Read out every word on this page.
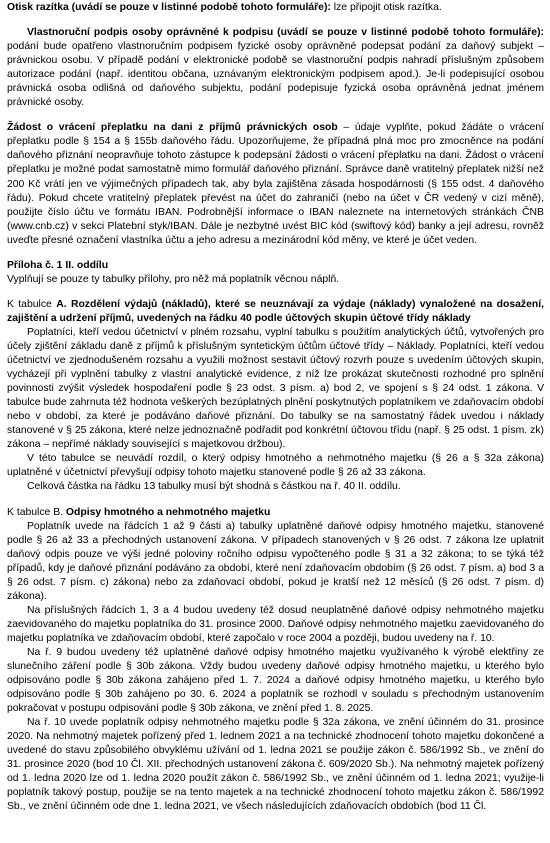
Otisk razítka (uvádí se pouze v listinné podobě tohoto formuláře): lze připojit otisk razítka.

Vlastnoruční podpis osoby oprávněné k podpisu (uvádí se pouze v listinné podobě tohoto formuláře): podání bude opatřeno vlastnoručním podpisem fyzické osoby oprávněné podepsat podání za daňový subjekt – právnickou osobu. V případě podání v elektronické podobě se vlastnoruční podpis nahradí příslušným způsobem autorizace podání (např. identitou občana, uznávaným elektronickým podpisem apod.). Je-li podepisující osobou právnická osoba odlišná od daňového subjektu, podání podepisuje fyzická osoba oprávněná jednat jménem právnické osoby.

Žádost o vrácení přeplatku na dani z příjmů právnických osob – údaje vyplňte, pokud žádáte o vrácení přeplatku podle § 154 a § 155b daňového řádu. Upozorňujeme, že případná plná moc pro zmocněnce na podání daňového přiznání neopravňuje tohoto zástupce k podepsání žádosti o vrácení přeplatku na dani. Žádost o vrácení přeplatku je možné podat samostatně mimo formulář daňového přiznání. Správce daně vratitelný přeplatek nižší než 200 Kč vrátí jen ve výjimečných případech tak, aby byla zajištěna zásada hospodárnosti (§ 155 odst. 4 daňového řádu). Pokud chcete vratitelný přeplatek převést na účet do zahraničí (nebo na účet v ČR vedený v cizí měně), použijte číslo účtu ve formátu IBAN. Podrobnější informace o IBAN naleznete na internetových stránkách ČNB (www.cnb.cz) v sekci Platební styk/IBAN. Dále je nezbytné uvést BIC kód (swiftový kód) banky a její adresu, rovněž uveďte přesné označení vlastníka účtu a jeho adresu a mezinárodní kód měny, ve které je účet veden.

Příloha č. 1 II. oddílu

Vyplňují se pouze ty tabulky přílohy, pro něž má poplatník věcnou náplň.

K tabulce A. Rozdělení výdajů (nákladů), které se neuznávají za výdaje (náklady) vynaložené na dosažení, zajištění a udržení příjmů, uvedených na řádku 40 podle účtových skupin účtové třídy náklady

Poplatníci, kteří vedou účetnictví v plném rozsahu, vyplní tabulku s použitím analytických účtů, vytvořených pro účely zjištění základu daně z příjmů k příslušným syntetickým účtům účtové třídy – Náklady. Poplatníci, kteří vedou účetnictví ve zjednodušeném rozsahu a využili možnost sestavit účtový rozvrh pouze s uvedením účtových skupin, vycházejí při vyplnění tabulky z vlastní analytické evidence, z níž lze prokázat skutečnosti rozhodné pro splnění povinnosti zvýšit výsledek hospodaření podle § 23 odst. 3 písm. a) bod 2, ve spojení s § 24 odst. 1 zákona. V tabulce bude zahrnuta též hodnota veškerých bezúplatných plnění poskytnutých poplatníkem ve zdaňovacím období nebo v období, za které je podáváno daňové přiznání. Do tabulky se na samostatný řádek uvedou i náklady stanovené v § 25 zákona, které nelze jednoznačně podřadit pod konkrétní účtovou třídu (např. § 25 odst. 1 písm. zk) zákona – nepřímé náklady související s majetkovou držbou).

V této tabulce se neuvádí rozdíl, o který odpisy hmotného a nehmotného majetku (§ 26 a § 32a zákona) uplatněné v účetnictví převyšují odpisy tohoto majetku stanovené podle § 26 až 33 zákona.

Celková částka na řádku 13 tabulky musí být shodná s částkou na ř. 40 II. oddílu.

K tabulce B. Odpisy hmotného a nehmotného majetku

Poplatník uvede na řádcích 1 až 9 části a) tabulky uplatněné daňové odpisy hmotného majetku, stanovené podle § 26 až 33 a přechodných ustanovení zákona. V případech stanovených v § 26 odst. 7 zákona lze uplatnit daňový odpis pouze ve výši jedné poloviny ročního odpisu vypočteného podle § 31 a 32 zákona; to se týká též případů, kdy je daňové přiznání podáváno za období, které není zdaňovacím obdobím (§ 26 odst. 7 písm. a) bod 3 a § 26 odst. 7 písm. c) zákona) nebo za zdaňovací období, pokud je kratší než 12 měsíců (§ 26 odst. 7 písm. d) zákona).

Na příslušných řádcích 1, 3 a 4 budou uvedeny též dosud neuplatněné daňové odpisy nehmotného majetku zaevidovaného do majetku poplatníka do 31. prosince 2000. Daňové odpisy nehmotného majetku zaevidovaného do majetku poplatníka ve zdaňovacím období, které započalo v roce 2004 a později, budou uvedeny na ř. 10.

Na ř. 9 budou uvedeny též uplatněné daňové odpisy hmotného majetku využívaného k výrobě elektřiny ze slunečního záření podle § 30b zákona. Vždy budou uvedeny daňové odpisy hmotného majetku, u kterého bylo odpisováno podle § 30b zákona zahájeno před 1. 7. 2024 a daňové odpisy hmotného majetku, u kterého bylo odpisováno podle § 30b zahájeno po 30. 6. 2024 a poplatník se rozhodl v souladu s přechodným ustanovením pokračovat v postupu odpisování podle § 30b zákona, ve znění před 1. 8. 2025.

Na ř. 10 uvede poplatník odpisy nehmotného majetku podle § 32a zákona, ve znění účinném do 31. prosince 2020. Na nehmotný majetek pořízený před 1. lednem 2021 a na technické zhodnocení tohoto majetku dokončené a uvedené do stavu způsobilého obvyklému užívání od 1. ledna 2021 se použije zákon č. 586/1992 Sb., ve znění do 31. prosince 2020 (bod 10 Čl. XII. přechodných ustanovení zákona č. 609/2020 Sb.). Na nehmotný majetek pořízený od 1. ledna 2020 lze od 1. ledna 2020 použít zákon č. 586/1992 Sb., ve znění účinném od 1. ledna 2021; využije-li poplatník takový postup, použije se na tento majetek a na technické zhodnocení tohoto majetku zákon č. 586/1992 Sb., ve znění účinném ode dne 1. ledna 2021, ve všech následujících zdaňovacích obdobích (bod 11 Čl.
